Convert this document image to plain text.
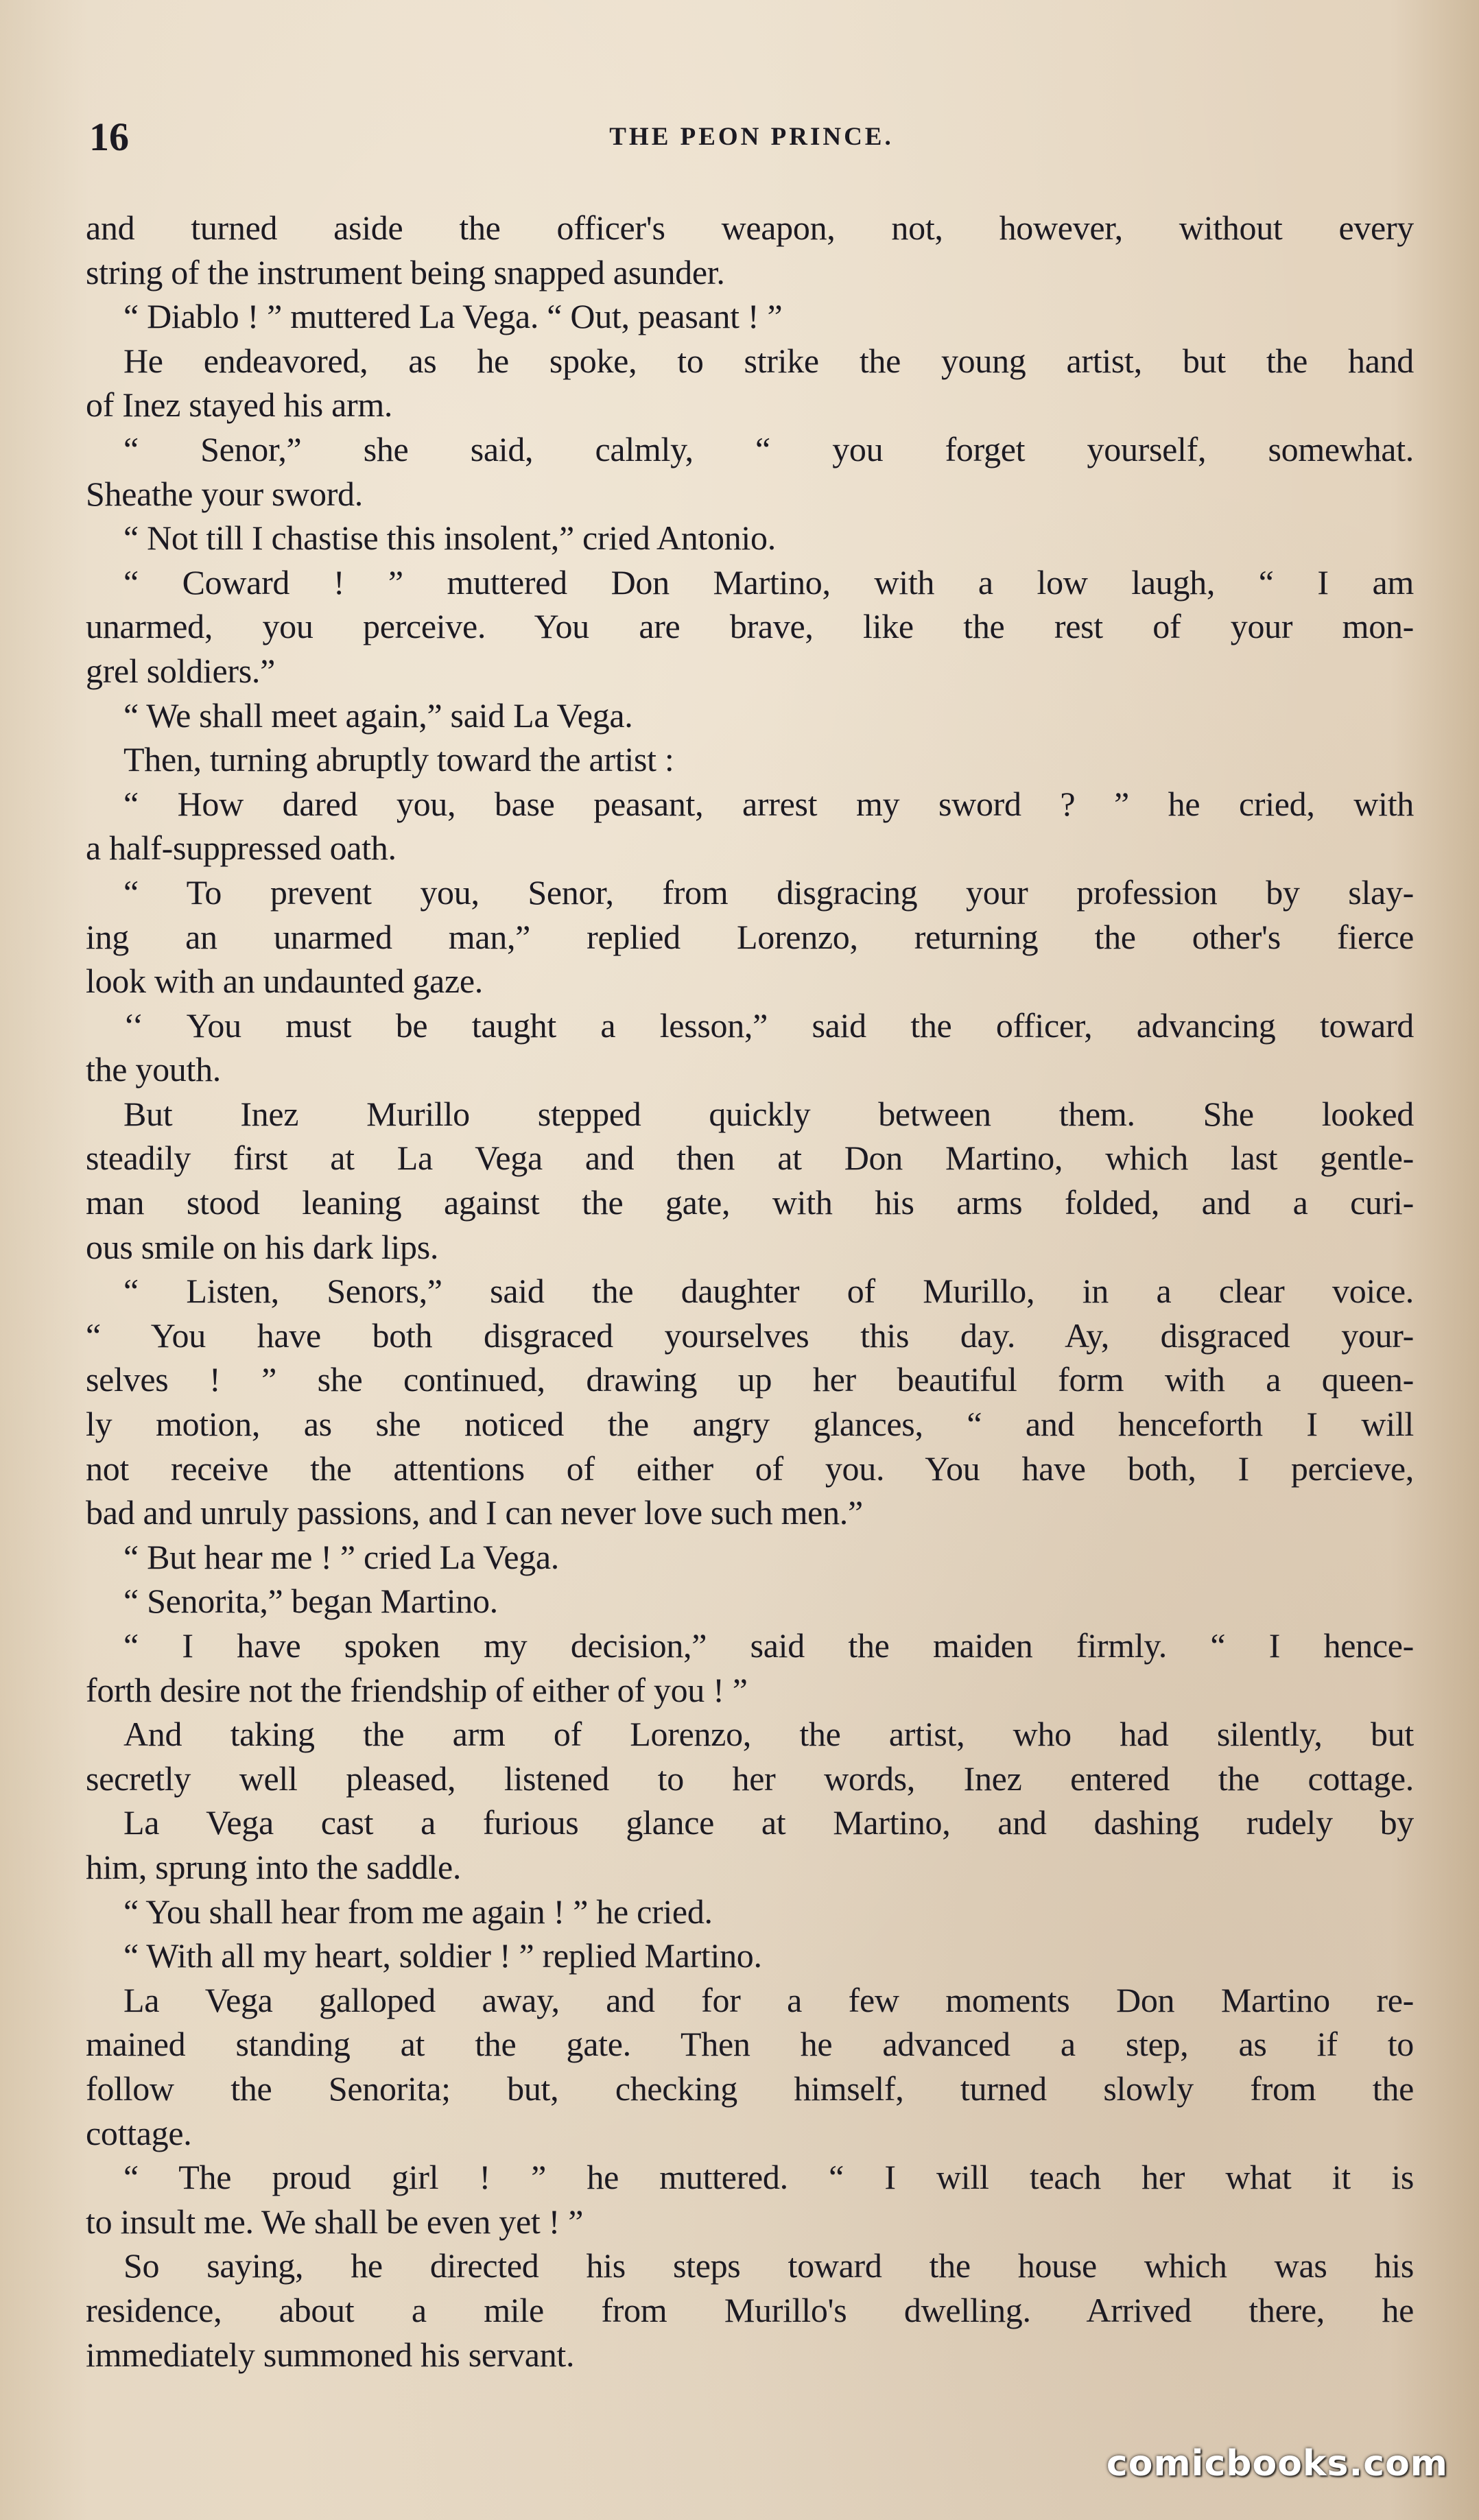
16	THE PEON PRINCE.
and turned aside the officer's weapon, not, however, without every
string of the instrument being snapped asunder.
“ Diablo ! ” muttered La Vega. “ Out, peasant ! ”
He endeavored, as he spoke, to strike the young artist, but the hand
of Inez stayed his arm.
“ Senor,” she said, calmly, “ you forget yourself, somewhat.
Sheathe your sword.
“ Not till I chastise this insolent,” cried Antonio.
“ Coward ! ” muttered Don Martino, with a low laugh, “ I am
unarmed, you perceive. You are brave, like the rest of your mon-
grel soldiers.”
“ We shall meet again,” said La Vega.
Then, turning abruptly toward the artist :
“ How dared you, base peasant, arrest my sword ? ” he cried, with
a half-suppressed oath.
“ To prevent you, Senor, from disgracing your profession by slay-
ing an unarmed man,” replied Lorenzo, returning the other's fierce
look with an undaunted gaze.
‘‘ You must be taught a lesson,” said the officer, advancing toward
the youth.
But Inez Murillo stepped quickly between them. She looked
steadily first at La Vega and then at Don Martino, which last gentle-
man stood leaning against the gate, with his arms folded, and a curi-
ous smile on his dark lips.
“ Listen, Senors,” said the daughter of Murillo, in a clear voice.
“ You have both disgraced yourselves this day. Ay, disgraced your-
selves ! ” she continued, drawing up her beautiful form with a queen-
ly motion, as she noticed the angry glances, “ and henceforth I will
not receive the attentions of either of you. You have both, I percieve,
bad and unruly passions, and I can never love such men.”
“ But hear me ! ” cried La Vega.
“ Senorita,” began Martino.
“ I have spoken my decision,” said the maiden firmly. “ I hence-
forth desire not the friendship of either of you ! ”
And taking the arm of Lorenzo, the artist, who had silently, but
secretly well pleased, listened to her words, Inez entered the cottage.
La Vega cast a furious glance at Martino, and dashing rudely by
him, sprung into the saddle.
“ You shall hear from me again ! ” he cried.
“ With all my heart, soldier ! ” replied Martino.
La Vega galloped away, and for a few moments Don Martino re-
mained standing at the gate. Then he advanced a step, as if to
follow the Senorita; but, checking himself, turned slowly from the
cottage.
“ The proud girl ! ” he muttered. “ I will teach her what it is
to insult me. We shall be even yet ! ”
So saying, he directed his steps toward the house which was his
residence, about a mile from Murillo's dwelling. Arrived there, he
immediately summoned his servant.
comicbooks.com
